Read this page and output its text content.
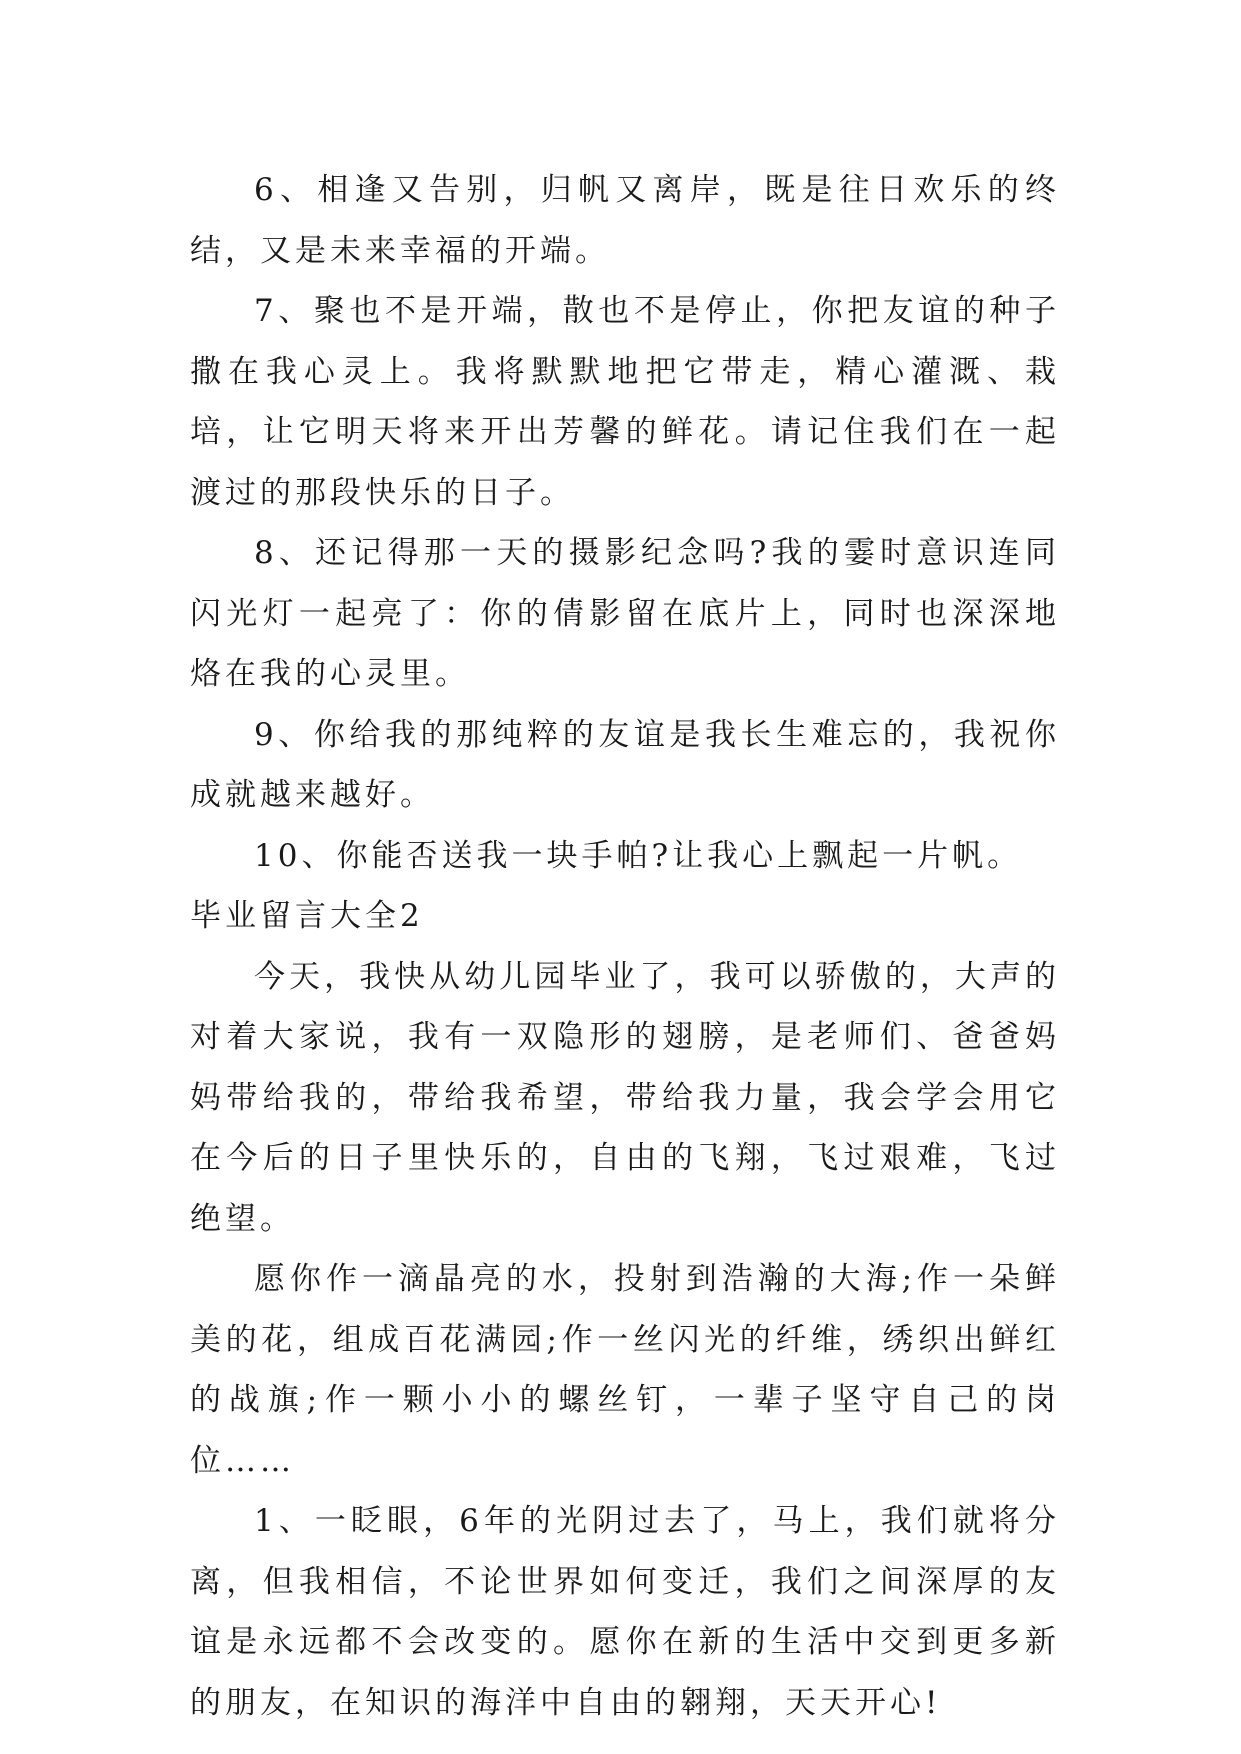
6、相逢又告别，归帆又离岸，既是往日欢乐的终结，又是未来幸福的开端。

7、聚也不是开端，散也不是停止，你把友谊的种子撒在我心灵上。我将默默地把它带走，精心灌溉、栽培，让它明天将来开出芳馨的鲜花。请记住我们在一起渡过的那段快乐的日子。

8、还记得那一天的摄影纪念吗?我的霎时意识连同闪光灯一起亮了：你的倩影留在底片上，同时也深深地烙在我的心灵里。

9、你给我的那纯粹的友谊是我长生难忘的，我祝你成就越来越好。

10、你能否送我一块手帕?让我心上飘起一片帆。

毕业留言大全2

今天，我快从幼儿园毕业了，我可以骄傲的，大声的对着大家说，我有一双隐形的翅膀，是老师们、爸爸妈妈带给我的，带给我希望，带给我力量，我会学会用它在今后的日子里快乐的，自由的飞翔，飞过艰难，飞过绝望。

愿你作一滴晶亮的水，投射到浩瀚的大海;作一朵鲜美的花，组成百花满园;作一丝闪光的纤维，绣织出鲜红的战旗;作一颗小小的螺丝钉，一辈子坚守自己的岗位……

1、一眨眼，6年的光阴过去了，马上，我们就将分离，但我相信，不论世界如何变迁，我们之间深厚的友谊是永远都不会改变的。愿你在新的生活中交到更多新的朋友，在知识的海洋中自由的翱翔，天天开心!
